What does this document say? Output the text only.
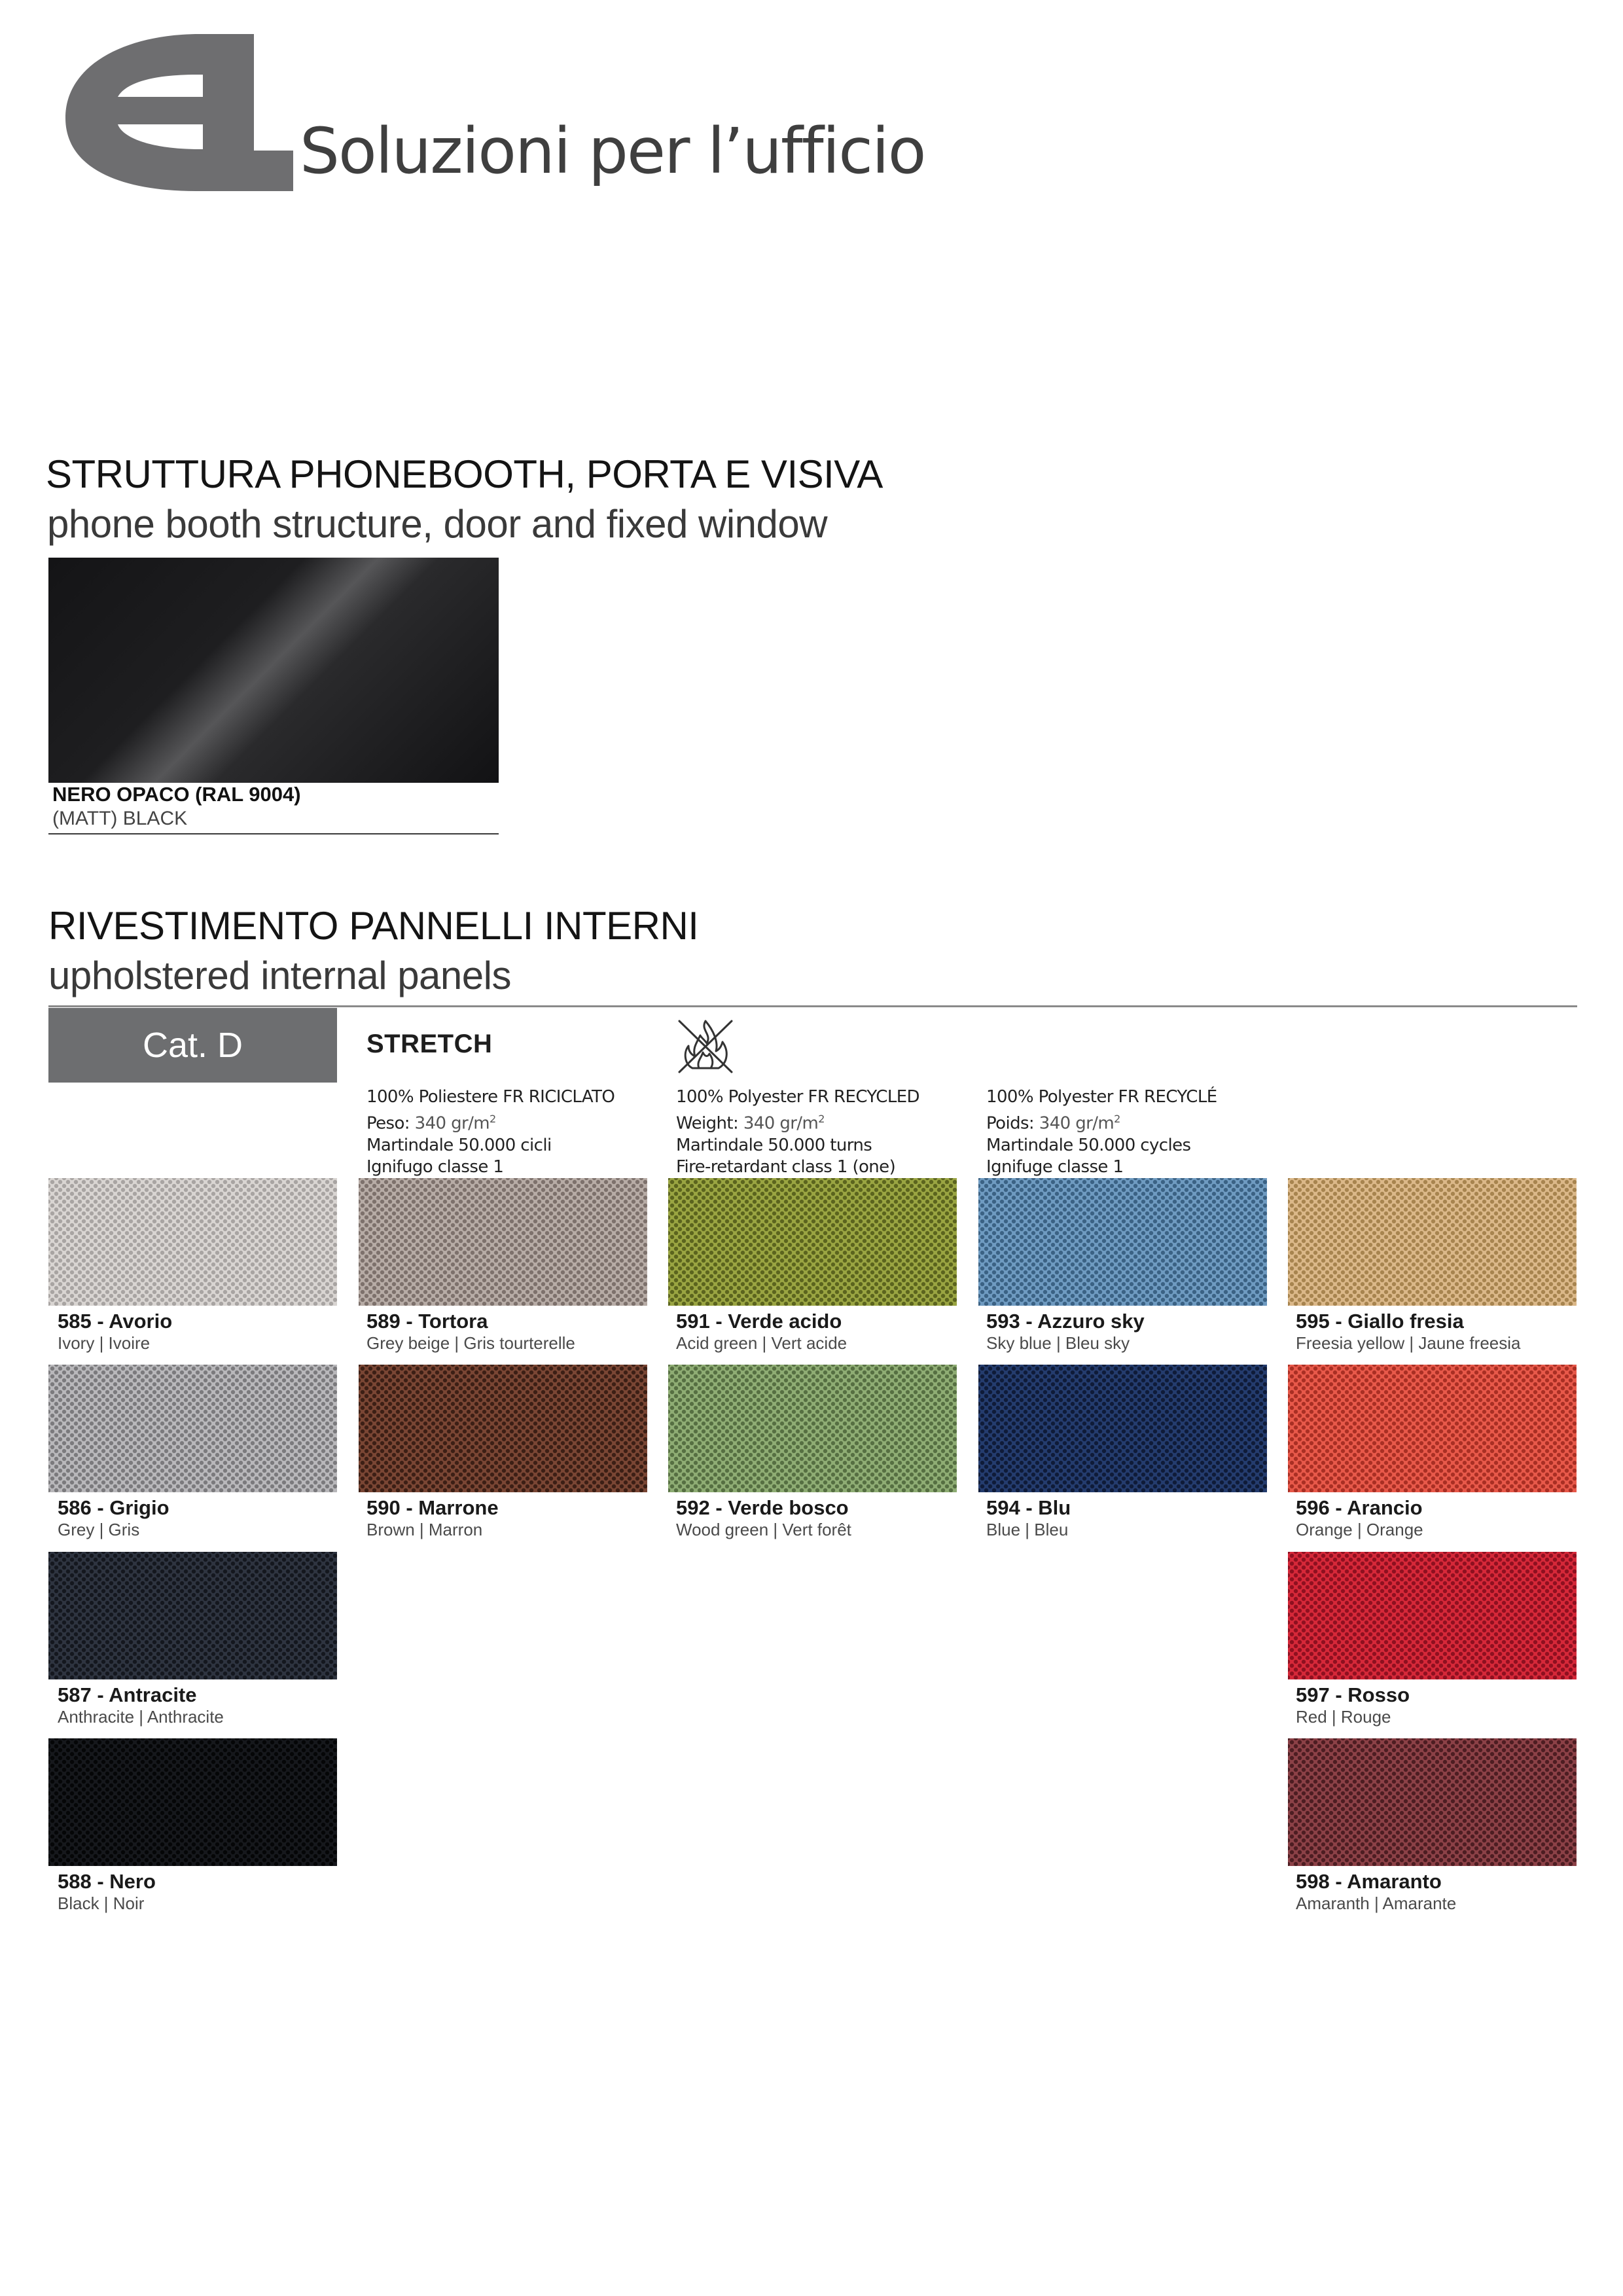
Soluzioni per l’ufficio
STRUTTURA PHONEBOOTH, PORTA E VISIVA
phone booth structure, door and fixed window
NERO OPACO (RAL 9004)
(MATT) BLACK
RIVESTIMENTO PANNELLI INTERNI
upholstered internal panels
Cat. D	STRETCH
100% Poliestere FR RICICLATO
Peso: 340 $gr/m^2$
Martindale 50.000 cicli
Ignifugo classe 1
100% Polyester FR RECYCLED
Weight: 340 $gr/m^2$
Martindale 50.000 turns
Fire-retardant class 1 (one)
100% Polyester FR RECYCLÉ
Poids: 340 $gr/m^2$
Martindale 50.000 cycles
Ignifuge classe 1
585 - Avorio
Ivory | Ivoire
586 - Grigio
Grey | Gris
587 - Antracite
Anthracite | Anthracite
588 - Nero
Black | Noir
589 - Tortora
Grey beige | Gris tourterelle
590 - Marrone
Brown | Marron
591 - Verde acido
Acid green | Vert acide
592 - Verde bosco
Wood green | Vert forêt
593 - Azzuro sky
Sky blue | Bleu sky
594 - Blu
Blue | Bleu
595 - Giallo fresia
Freesia yellow | Jaune freesia
596 - Arancio
Orange | Orange
597 - Rosso
Red | Rouge
598 - Amaranto
Amaranth | Amarante
